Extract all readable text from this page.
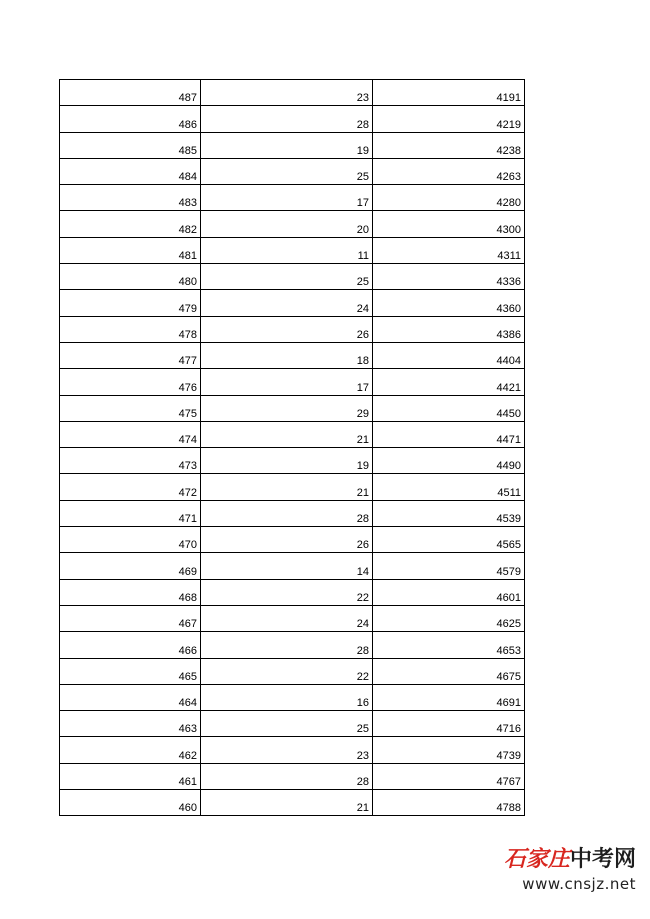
487	23	4191
486	28	4219
485	19	4238
484	25	4263
483	17	4280
482	20	4300
481	11	4311
480	25	4336
479	24	4360
478	26	4386
477	18	4404
476	17	4421
475	29	4450
474	21	4471
473	19	4490
472	21	4511
471	28	4539
470	26	4565
469	14	4579
468	22	4601
467	24	4625
466	28	4653
465	22	4675
464	16	4691
463	25	4716
462	23	4739
461	28	4767
460	21	4788
石家庄中考网
www.cnsjz.net
